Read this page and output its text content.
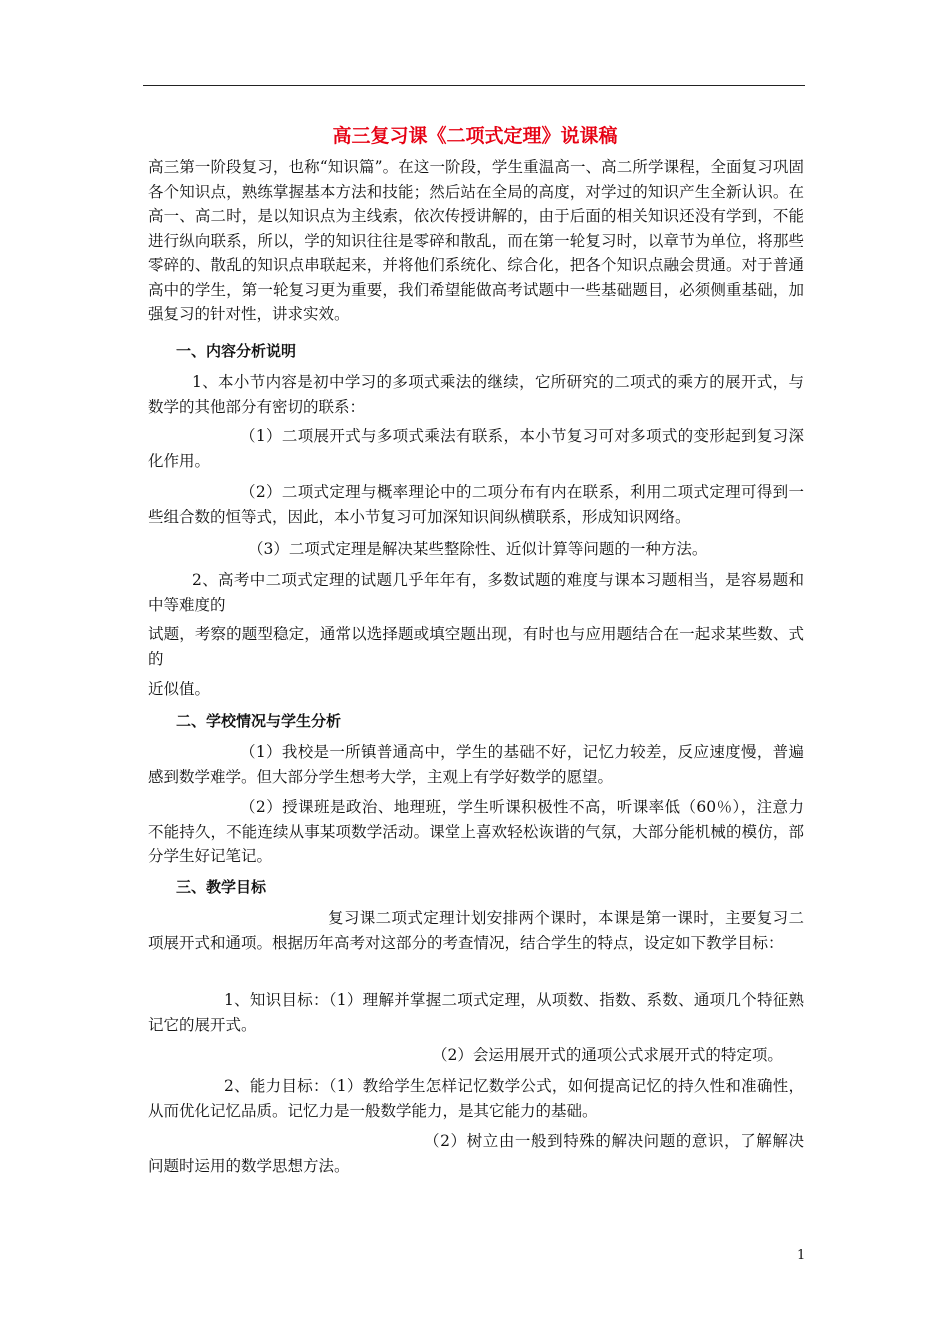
高三复习课《二项式定理》说课稿

高三第一阶段复习，也称“知识篇”。在这一阶段，学生重温高一、高二所学课程，全面复习巩固各个知识点，熟练掌握基本方法和技能；然后站在全局的高度，对学过的知识产生全新认识。在高一、高二时，是以知识点为主线索，依次传授讲解的，由于后面的相关知识还没有学到，不能进行纵向联系，所以，学的知识往往是零碎和散乱，而在第一轮复习时，以章节为单位，将那些零碎的、散乱的知识点串联起来，并将他们系统化、综合化，把各个知识点融会贯通。对于普通高中的学生，第一轮复习更为重要，我们希望能做高考试题中一些基础题目，必须侧重基础，加强复习的针对性，讲求实效。

一、内容分析说明

1、本小节内容是初中学习的多项式乘法的继续，它所研究的二项式的乘方的展开式，与数学的其他部分有密切的联系：

（1）二项展开式与多项式乘法有联系，本小节复习可对多项式的变形起到复习深化作用。

（2）二项式定理与概率理论中的二项分布有内在联系，利用二项式定理可得到一些组合数的恒等式，因此，本小节复习可加深知识间纵横联系，形成知识网络。

（3）二项式定理是解决某些整除性、近似计算等问题的一种方法。

2、高考中二项式定理的试题几乎年年有，多数试题的难度与课本习题相当，是容易题和中等难度的

试题，考察的题型稳定，通常以选择题或填空题出现，有时也与应用题结合在一起求某些数、式的

近似值。

二、学校情况与学生分析

（1）我校是一所镇普通高中，学生的基础不好，记忆力较差，反应速度慢，普遍感到数学难学。但大部分学生想考大学，主观上有学好数学的愿望。

（2）授课班是政治、地理班，学生听课积极性不高，听课率低（60％），注意力不能持久，不能连续从事某项数学活动。课堂上喜欢轻松诙谐的气氛，大部分能机械的模仿，部分学生好记笔记。

三、教学目标

复习课二项式定理计划安排两个课时，本课是第一课时，主要复习二项展开式和通项。根据历年高考对这部分的考查情况，结合学生的特点，设定如下教学目标：

1、知识目标：（1）理解并掌握二项式定理，从项数、指数、系数、通项几个特征熟记它的展开式。

（2）会运用展开式的通项公式求展开式的特定项。

2、能力目标：（1）教给学生怎样记忆数学公式，如何提高记忆的持久性和准确性，从而优化记忆品质。记忆力是一般数学能力，是其它能力的基础。

（2）树立由一般到特殊的解决问题的意识，了解解决问题时运用的数学思想方法。

1
